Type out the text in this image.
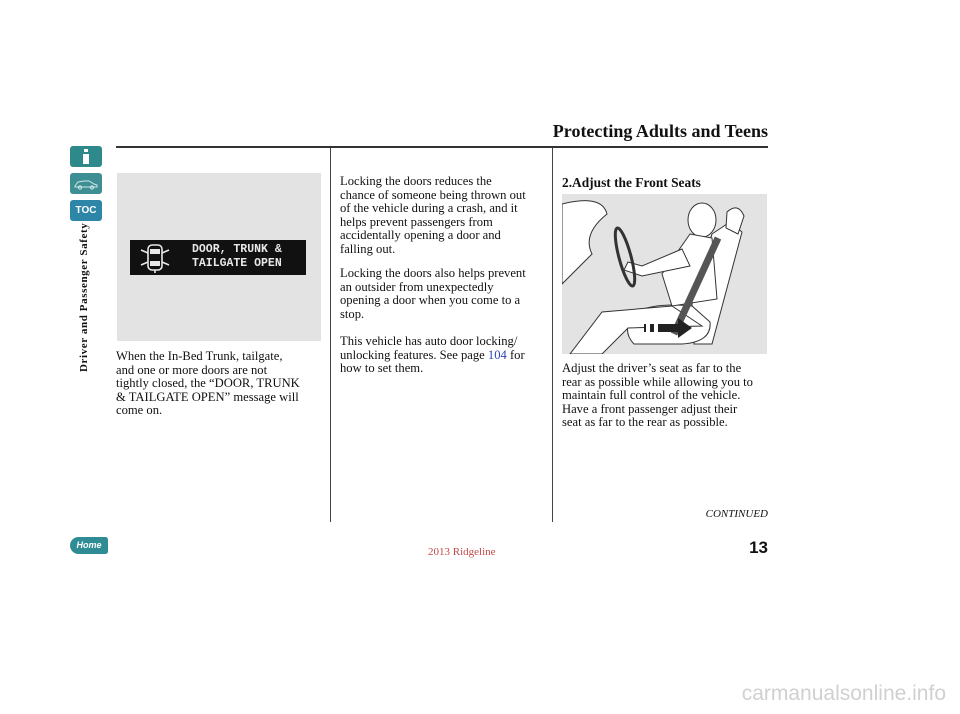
TOC
Driver and Passenger Safety
Protecting Adults and Teens
DOOR, TRUNK &
TAILGATE OPEN

When the In-Bed Trunk, tailgate,

and one or more doors are not

tightly closed, the “DOOR, TRUNK

& TAILGATE OPEN” message will

come on.

Locking the doors reduces the

chance of someone being thrown out

of the vehicle during a crash, and it

helps prevent passengers from

accidentally opening a door and

falling out.

Locking the doors also helps prevent

an outsider from unexpectedly

opening a door when you come to a

stop.

This vehicle has auto door locking/

unlocking features. See page 104 for

how to set them.

2.Adjust the Front Seats

Adjust the driver’s seat as far to the

rear as possible while allowing you to

maintain full control of the vehicle.

Have a front passenger adjust their

seat as far to the rear as possible.

CONTINUED
13
2013 Ridgeline
Home
carmanualsonline.info
